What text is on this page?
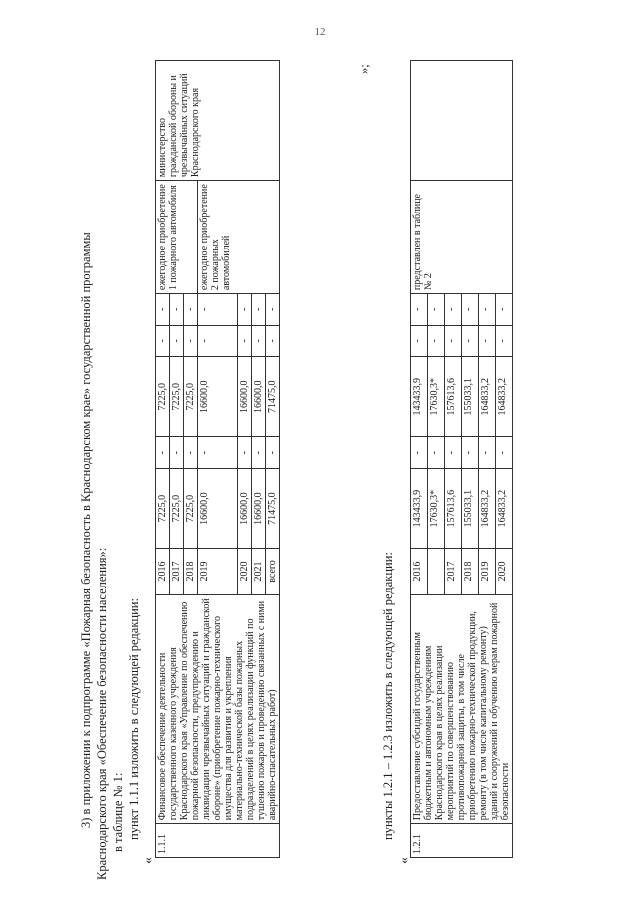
12
3) в приложении к подпрограмме «Пожарная безопасность в Краснодарском крае» государственной программы Краснодарского края «Обеспечение безопасности населения»: в таблице № 1: пункт 1.1.1 изложить в следующей редакции:
«
1.1.1	Финансовое обеспечение деятельности государственного казенного учреждения Краснодарского края «Управление по обеспечению пожарной безопасности, предупреждению и ликвидации чрезвычайных ситуаций и гражданской обороне» (приобретение пожарно-технического имущества для развития и укрепления материально-технической базы пожарных подразделений в целях реализации функций по тушению пожаров и проведению связанных с ними аварийно-спасательных работ)	2016	7225,0	-	7225,0	-	-	ежегодное приобретение 1 пожарного автомобиля	министерство гражданской обороны и чрезвычайных ситуаций Краснодарского края
		2017	7225,0	-	7225,0	-	-		
		2018	7225,0	-	7225,0	-	-		
		2019	16600,0	-	16600,0	-	-	ежегодное приобретение 2 пожарных автомобилей	
		2020	16600,0	-	16600,0	-	-		
		2021	16600,0	-	16600,0	-	-		
		всего	71475,0	-	71475,0	-	-		
»;
пункты 1.2.1 – 1.2.3 изложить в следующей редакции:
«
1.2.1	Предоставление субсидий государственным бюджетным и автономным учреждениям Краснодарского края в целях реализации мероприятий по совершенствованию противопожарной защиты, в том числе приобретению пожарно-технической продукции, ремонту (в том числе капитальному ремонту) зданий и сооружений и обучению мерам пожарной безопасности	2016	143433,9	-	143433,9	-	-	представлен в таблице № 2	
			17630,3*	-	17630,3*	-	-		
		2017	157613,6	-	157613,6	-	-		
		2018	155033,1	-	155033,1	-	-		
		2019	164833,2	-	164833,2	-	-		
		2020	164833,2	-	164833,2	-	-		
